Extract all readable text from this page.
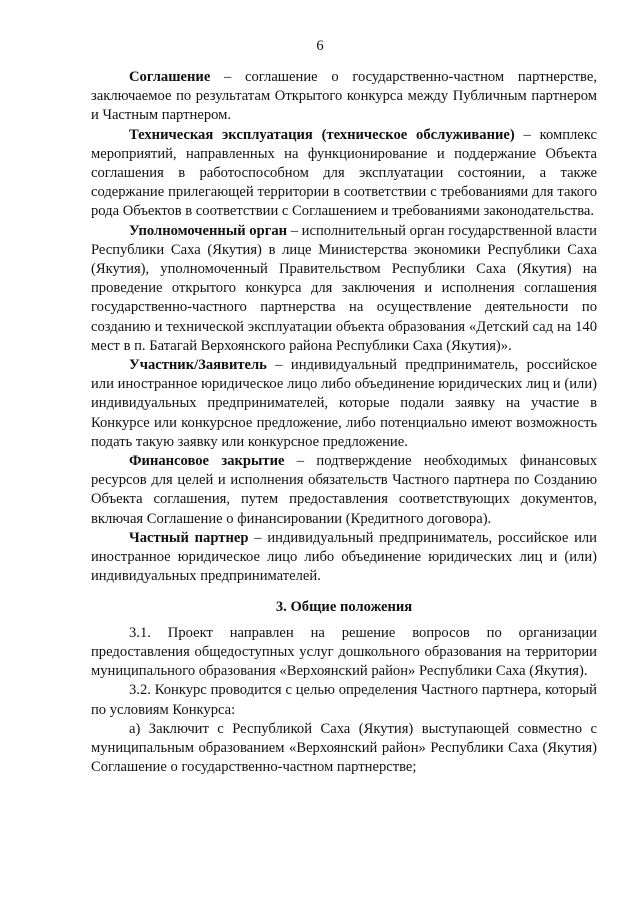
6

Соглашение – соглашение о государственно-частном партнерстве, заключаемое по результатам Открытого конкурса между Публичным партнером и Частным партнером.

Техническая эксплуатация (техническое обслуживание) – комплекс мероприятий, направленных на функционирование и поддержание Объекта соглашения в работоспособном для эксплуатации состоянии, а также содержание прилегающей территории в соответствии с требованиями для такого рода Объектов в соответствии с Соглашением и требованиями законодательства.

Уполномоченный орган – исполнительный орган государственной власти Республики Саха (Якутия) в лице Министерства экономики Республики Саха (Якутия), уполномоченный Правительством Республики Саха (Якутия) на проведение открытого конкурса для заключения и исполнения соглашения государственно-частного партнерства на осуществление деятельности по созданию и технической эксплуатации объекта образования «Детский сад на 140 мест в п. Батагай Верхоянского района Республики Саха (Якутия)».

Участник/Заявитель – индивидуальный предприниматель, российское или иностранное юридическое лицо либо объединение юридических лиц и (или) индивидуальных предпринимателей, которые подали заявку на участие в Конкурсе или конкурсное предложение, либо потенциально имеют возможность подать такую заявку или конкурсное предложение.

Финансовое закрытие – подтверждение необходимых финансовых ресурсов для целей и исполнения обязательств Частного партнера по Созданию Объекта соглашения, путем предоставления соответствующих документов, включая Соглашение о финансировании (Кредитного договора).

Частный партнер – индивидуальный предприниматель, российское или иностранное юридическое лицо либо объединение юридических лиц и (или) индивидуальных предпринимателей.

3. Общие положения

3.1. Проект направлен на решение вопросов по организации предоставления общедоступных услуг дошкольного образования на территории муниципального образования «Верхоянский район» Республики Саха (Якутия).

3.2. Конкурс проводится с целью определения Частного партнера, который по условиям Конкурса:

а) Заключит с Республикой Саха (Якутия) выступающей совместно с муниципальным образованием «Верхоянский район» Республики Саха (Якутия) Соглашение о государственно-частном партнерстве;
